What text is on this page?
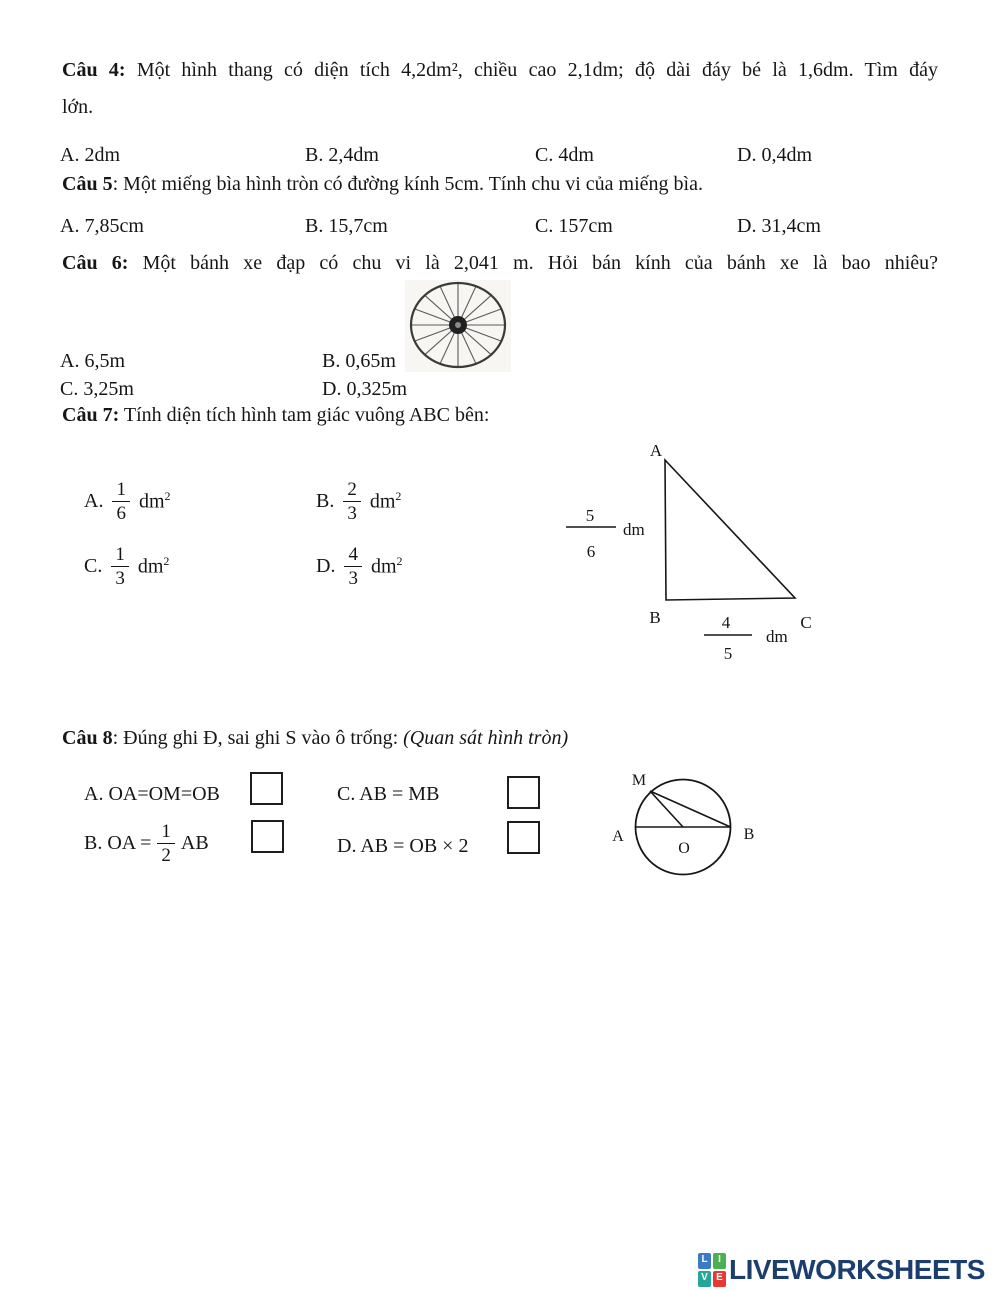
Câu 4: Một hình thang có diện tích 4,2dm², chiều cao 2,1dm; độ dài đáy bé là 1,6dm. Tìm đáy
lớn.
A. 2dm	B. 2,4dm	C. 4dm	D. 0,4dm
Câu 5: Một miếng bìa hình tròn có đường kính 5cm. Tính chu vi của miếng bìa.
A. 7,85cm	B. 15,7cm	C. 157cm	D. 31,4cm
Câu 6: Một bánh xe đạp có chu vi là 2,041 m. Hỏi bán kính của bánh xe là bao nhiêu?
A. 6,5m	B. 0,65m
C. 3,25m	D. 0,325m
Câu 7: Tính diện tích hình tam giác vuông ABC bên:
A. $\frac{1}{6} dm^2$	B. $\frac{2}{3} dm^2$
C. $\frac{1}{3} dm^2$	D. $\frac{4}{3} dm^2$
A
B	C
5
6
dm
4
5
dm
Câu 8: Đúng ghi Đ, sai ghi S vào ô trống: (Quan sát hình tròn)
A. OA=OM=OB	C. AB = MB
B. OA = $\frac{1}{2}$ AB	D. AB = OB × 2
M
A	B
O
L	I
V E LIVEWORKSHEETS
